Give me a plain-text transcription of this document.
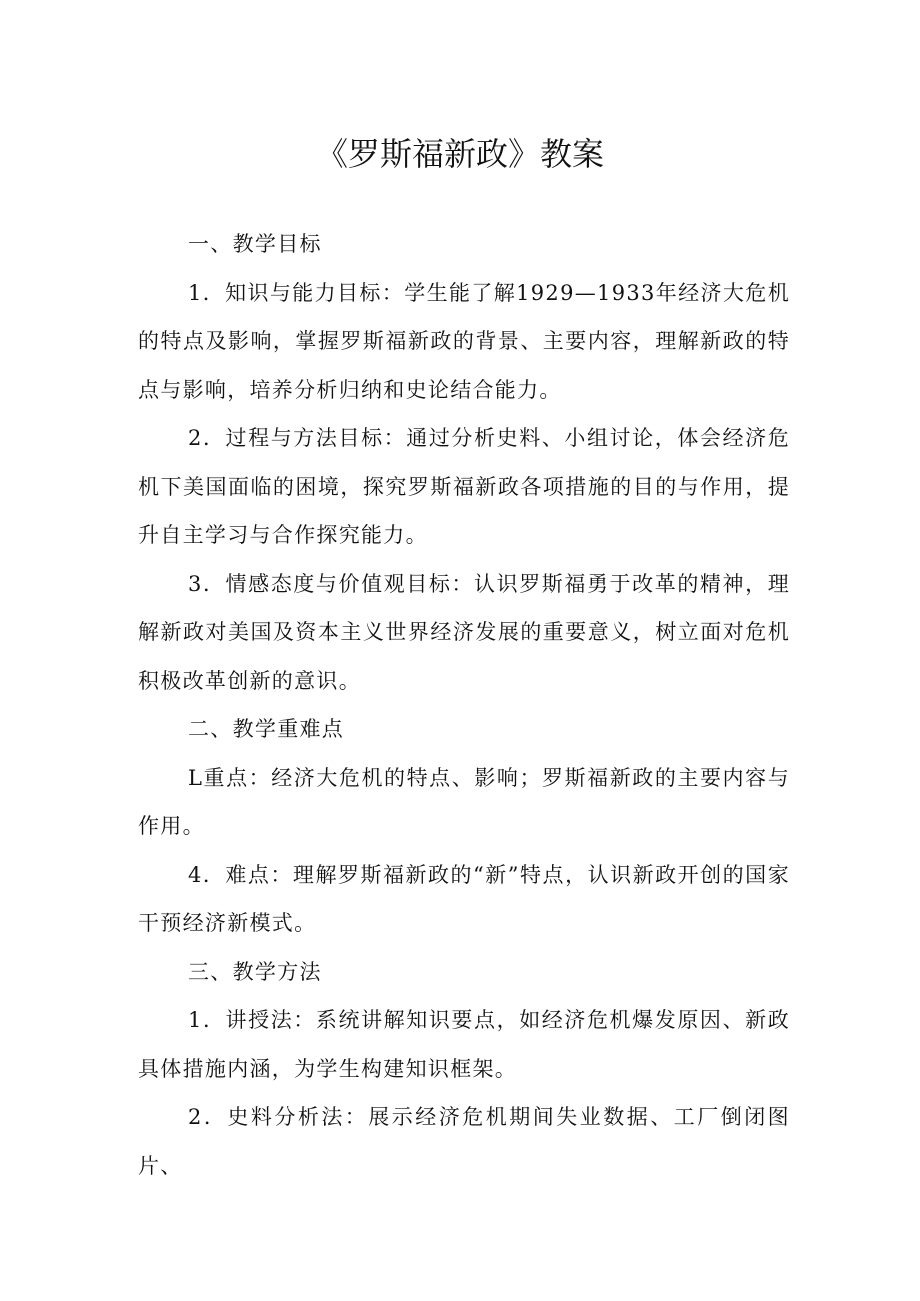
《罗斯福新政》教案

一、教学目标

1．知识与能力目标：学生能了解1929—1933年经济大危机的特点及影响，掌握罗斯福新政的背景、主要内容，理解新政的特点与影响，培养分析归纳和史论结合能力。

2．过程与方法目标：通过分析史料、小组讨论，体会经济危机下美国面临的困境，探究罗斯福新政各项措施的目的与作用，提升自主学习与合作探究能力。

3．情感态度与价值观目标：认识罗斯福勇于改革的精神，理解新政对美国及资本主义世界经济发展的重要意义，树立面对危机积极改革创新的意识。

二、教学重难点

L重点：经济大危机的特点、影响；罗斯福新政的主要内容与作用。

4．难点：理解罗斯福新政的“新”特点，认识新政开创的国家干预经济新模式。

三、教学方法

1．讲授法：系统讲解知识要点，如经济危机爆发原因、新政具体措施内涵，为学生构建知识框架。

2．史料分析法：展示经济危机期间失业数据、工厂倒闭图片、
